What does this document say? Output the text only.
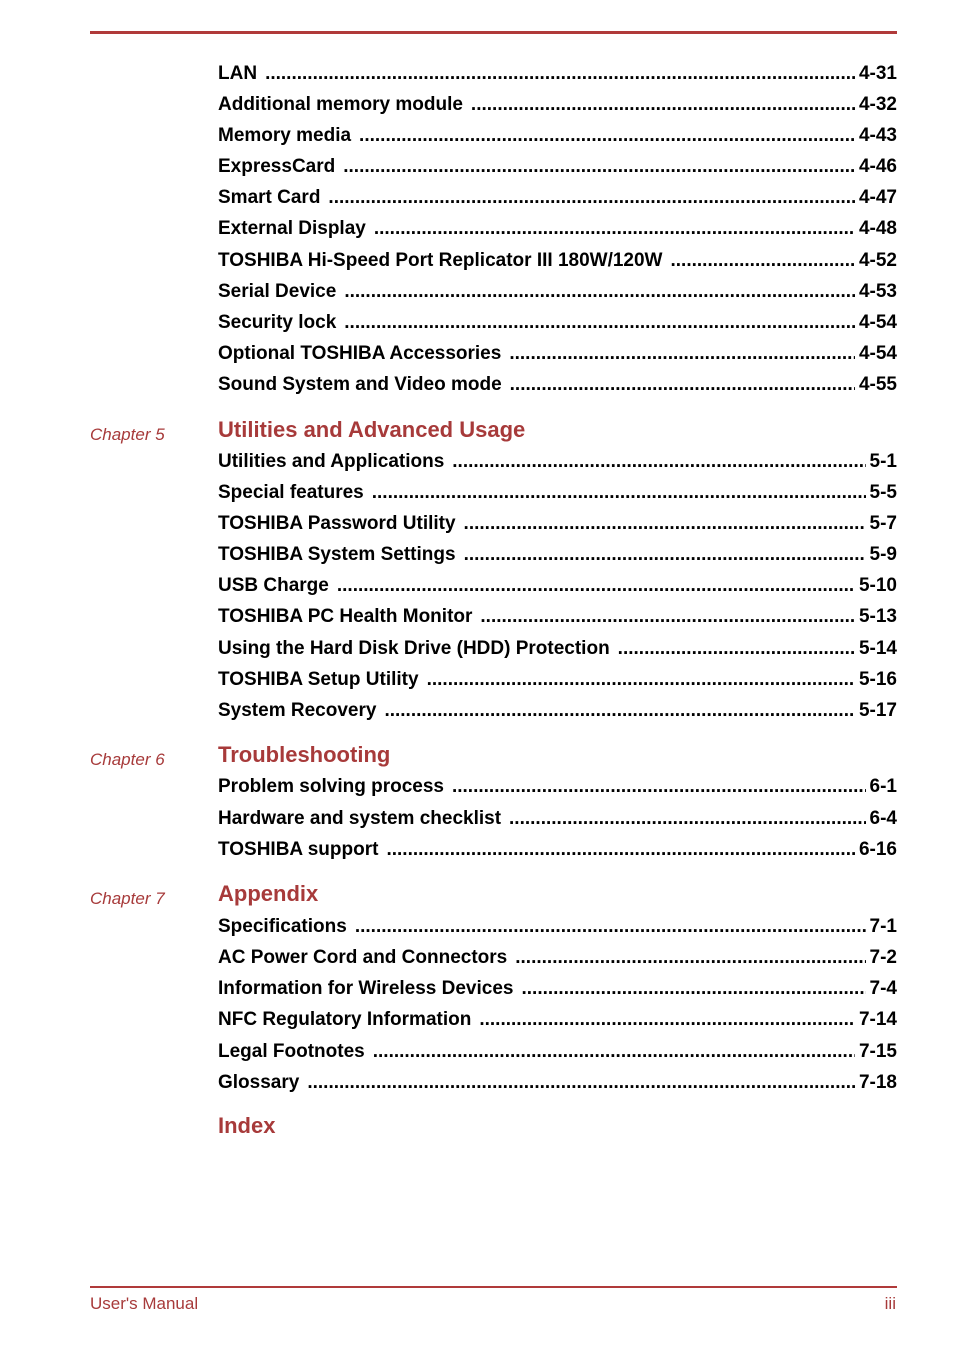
LAN .....	4-31
Additional memory module .....	4-32
Memory media .....	4-43
ExpressCard .....	4-46
Smart Card .....	4-47
External Display .....	4-48
TOSHIBA Hi-Speed Port Replicator III 180W/120W .....	4-52
Serial Device .....	4-53
Security lock .....	4-54
Optional TOSHIBA Accessories .....	4-54
Sound System and Video mode .....	4-55
Chapter 5 Utilities and Advanced Usage
Utilities and Applications .....	5-1
Special features .....	5-5
TOSHIBA Password Utility .....	5-7
TOSHIBA System Settings .....	5-9
USB Charge .....	5-10
TOSHIBA PC Health Monitor .....	5-13
Using the Hard Disk Drive (HDD) Protection .....	5-14
TOSHIBA Setup Utility .....	5-16
System Recovery .....	5-17
Chapter 6 Troubleshooting
Problem solving process .....	6-1
Hardware and system checklist .....	6-4
TOSHIBA support .....	6-16
Chapter 7 Appendix
Specifications .....	7-1
AC Power Cord and Connectors .....	7-2
Information for Wireless Devices .....	7-4
NFC Regulatory Information .....	7-14
Legal Footnotes .....	7-15
Glossary .....	7-18
Index
User's Manual	iii
